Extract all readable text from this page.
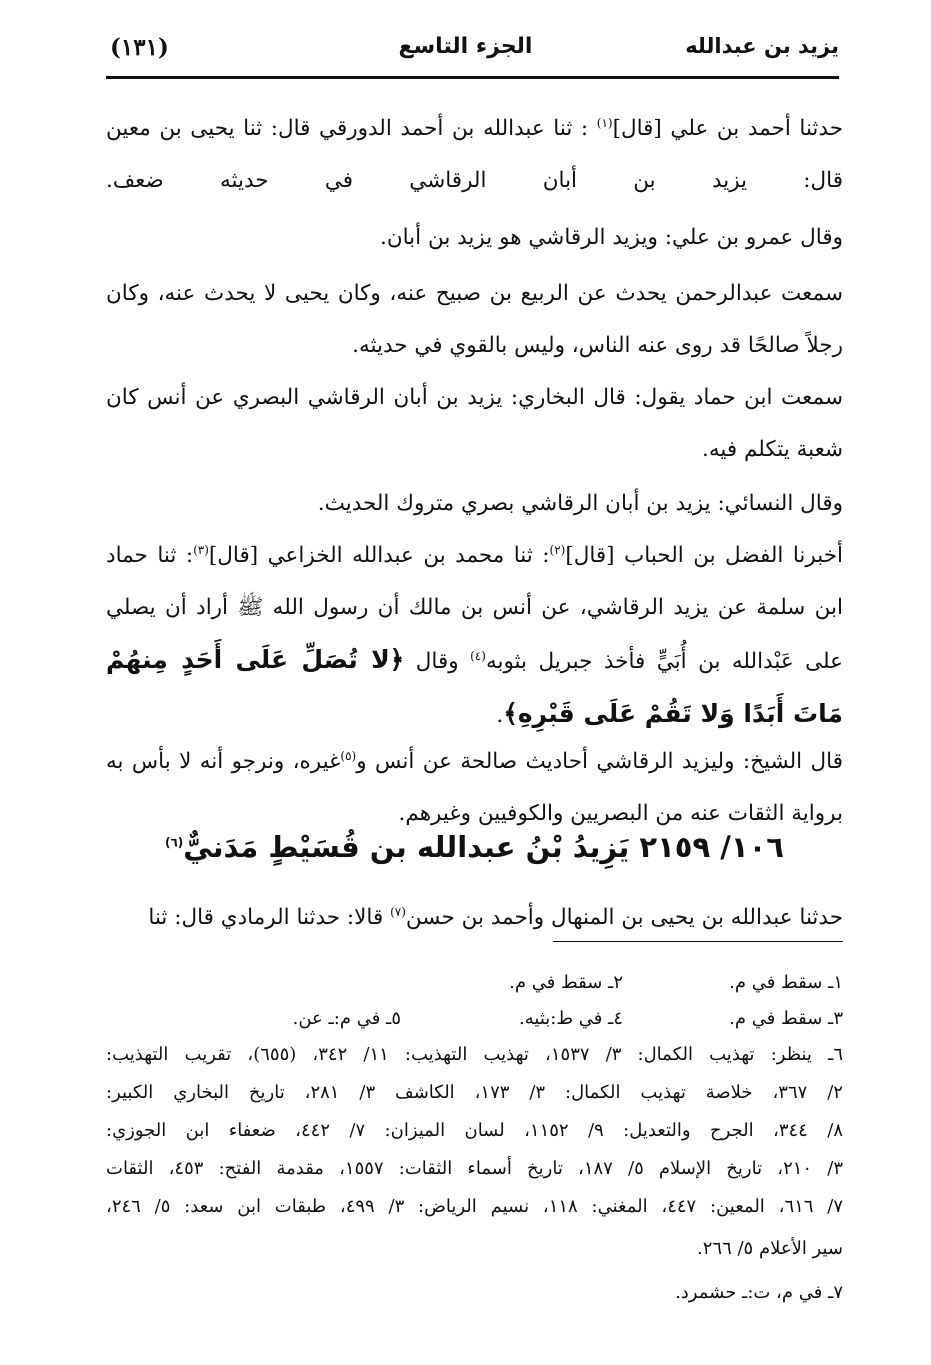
يزيد بن عبدالله
الجزء التاسع
(١٣١)
حدثنا أحمد بن علي [قال]$^{(١)}$ : ثنا عبدالله بن أحمد الدورقي قال: ثنا يحيى بن معين قال: يزيد بن أبان الرقاشي في حديثه ضعف.
وقال عمرو بن علي: ويزيد الرقاشي هو يزيد بن أبان.
سمعت عبدالرحمن يحدث عن الربيع بن صبيح عنه، وكان يحيى لا يحدث عنه، وكان رجلاً صالحًا قد روى عنه الناس، وليس بالقوي في حديثه.
سمعت ابن حماد يقول: قال البخاري: يزيد بن أبان الرقاشي البصري عن أنس كان شعبة يتكلم فيه.
وقال النسائي: يزيد بن أبان الرقاشي بصري متروك الحديث.
أخبرنا الفضل بن الحباب [قال]$^{(٢)}$: ثنا محمد بن عبدالله الخزاعي [قال]$^{(٣)}$: ثنا حماد ابن سلمة عن يزيد الرقاشي، عن أنس بن مالك أن رسول الله ﷺ أراد أن يصلي على عَبْدالله بن أُبَيٍّ فأخذ جبريل بثوبه$^{(٤)}$ وقال ﴿لا تُصَلِّ عَلَى أَحَدٍ مِنهُمْ مَاتَ أَبَدًا وَلا تَقُمْ عَلَى قَبْرِهِ﴾.
قال الشيخ: وليزيد الرقاشي أحاديث صالحة عن أنس و$^{(٥)}$غيره، ونرجو أنه لا بأس به برواية الثقات عنه من البصريين والكوفيين وغيرهم.
١٠٦/ ٢١٥٩ يَزِيدُ بْنُ عبدالله بن قُسَيْطٍ مَدَنيٌّ$^{(٦)}$
حدثنا عبدالله بن يحيى بن المنهال وأحمد بن حسن$^{(٧)}$ قالا: حدثنا الرمادي قال: ثنا
١ـ سقط في م.
٢ـ سقط في م.
٣ـ سقط في م.
٤ـ في ط:بثيه.
٥ـ في م:ـ عن.
٦ـ ينظر: تهذيب الكمال: ٣/ ١٥٣٧، تهذيب التهذيب: ١١/ ٣٤٢، (٦٥٥)، تقريب التهذيب:
٢/ ٣٦٧، خلاصة تهذيب الكمال: ٣/ ١٧٣، الكاشف ٣/ ٢٨١، تاريخ البخاري الكبير:
٨/ ٣٤٤، الجرح والتعديل: ٩/ ١١٥٢، لسان الميزان: ٧/ ٤٤٢، ضعفاء ابن الجوزي:
٣/ ٢١٠، تاريخ الإسلام ٥/ ١٨٧، تاريخ أسماء الثقات: ١٥٥٧، مقدمة الفتح: ٤٥٣، الثقات
٧/ ٦١٦، المعين: ٤٤٧، المغني: ١١٨، نسيم الرياض: ٣/ ٤٩٩، طبقات ابن سعد: ٥/ ٢٤٦،
سير الأعلام ٥/ ٢٦٦.
٧ـ في م، ت:ـ حشمرد.
